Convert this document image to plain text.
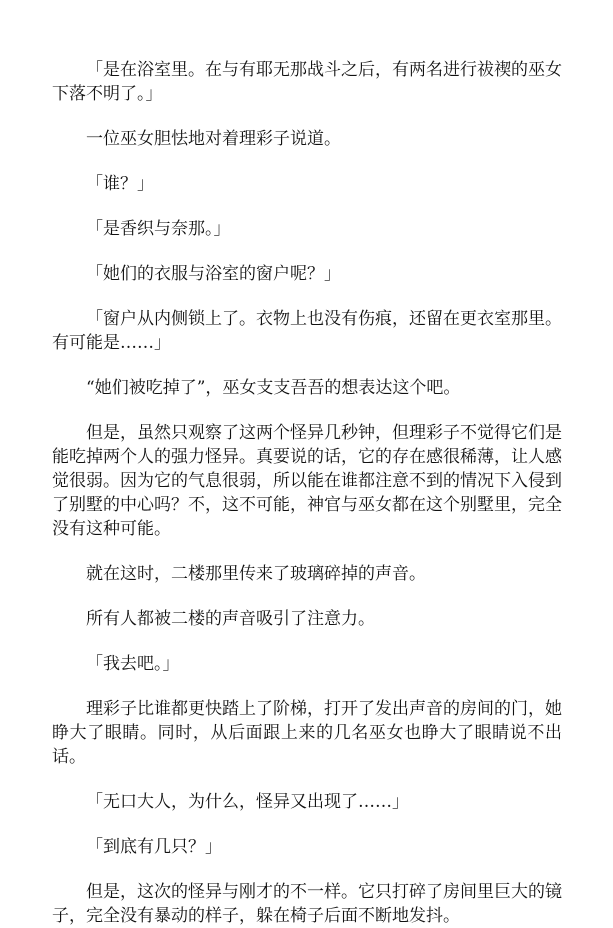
「是在浴室里。在与有耶无那战斗之后，有两名进行祓禊的巫女下落不明了。」

一位巫女胆怯地对着理彩子说道。

「谁？」

「是香织与奈那。」

「她们的衣服与浴室的窗户呢？」

「窗户从内侧锁上了。衣物上也没有伤痕，还留在更衣室那里。有可能是……」

“她们被吃掉了”，巫女支支吾吾的想表达这个吧。

但是，虽然只观察了这两个怪异几秒钟，但理彩子不觉得它们是能吃掉两个人的强力怪异。真要说的话，它的存在感很稀薄，让人感觉很弱。因为它的气息很弱，所以能在谁都注意不到的情况下入侵到了别墅的中心吗？不，这不可能，神官与巫女都在这个别墅里，完全没有这种可能。

就在这时，二楼那里传来了玻璃碎掉的声音。

所有人都被二楼的声音吸引了注意力。

「我去吧。」

理彩子比谁都更快踏上了阶梯，打开了发出声音的房间的门，她睁大了眼睛。同时，从后面跟上来的几名巫女也睁大了眼睛说不出话。

「无口大人，为什么，怪异又出现了……」

「到底有几只？」

但是，这次的怪异与刚才的不一样。它只打碎了房间里巨大的镜子，完全没有暴动的样子，躲在椅子后面不断地发抖。
